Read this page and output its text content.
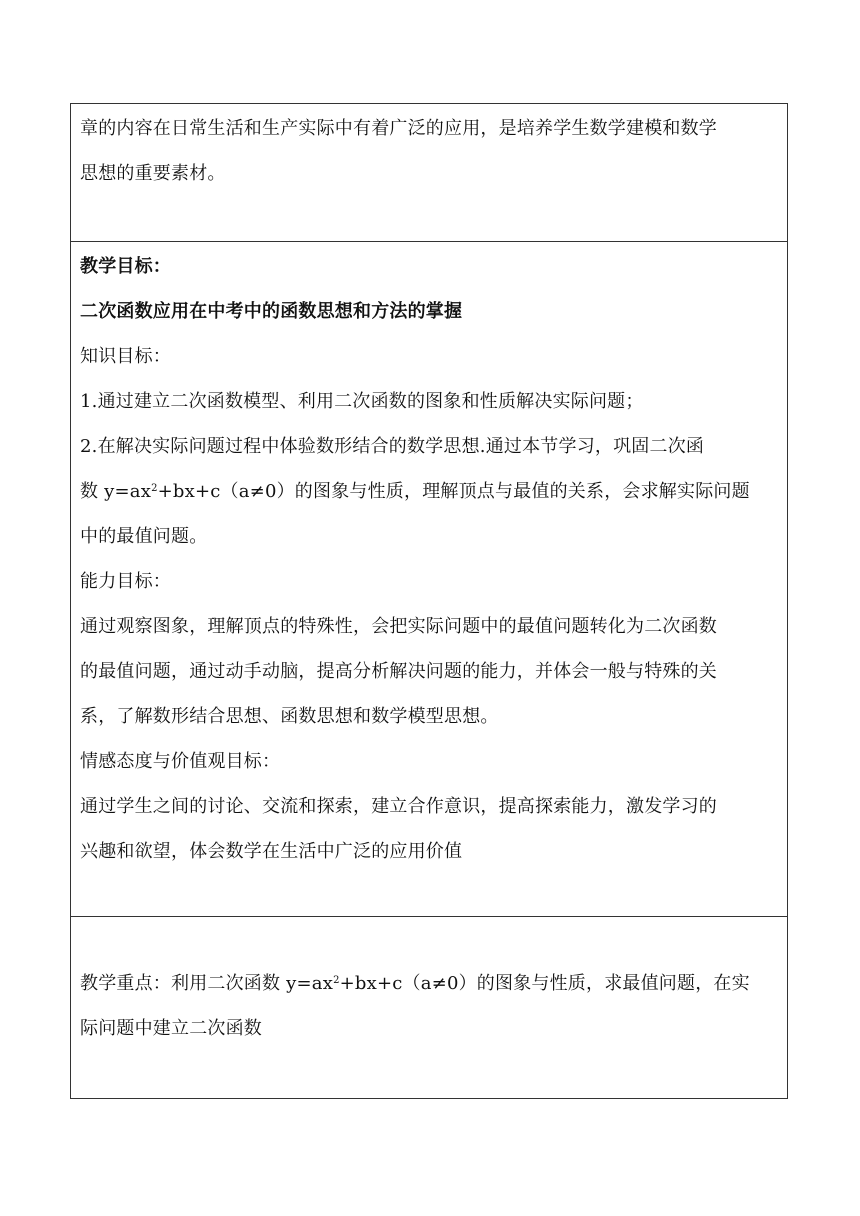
章的内容在日常生活和生产实际中有着广泛的应用，是培养学生数学建模和数学
思想的重要素材。
教学目标：
二次函数应用在中考中的函数思想和方法的掌握
知识目标：
1.通过建立二次函数模型、利用二次函数的图象和性质解决实际问题；
2.在解决实际问题过程中体验数形结合的数学思想.通过本节学习，巩固二次函
数 $y=ax^2+bx+c(a\ne 0)$的图象与性质，理解顶点与最值的关系，会求解实际问题
中的最值问题。
能力目标：
通过观察图象，理解顶点的特殊性，会把实际问题中的最值问题转化为二次函数
的最值问题，通过动手动脑，提高分析解决问题的能力，并体会一般与特殊的关
系，了解数形结合思想、函数思想和数学模型思想。
情感态度与价值观目标：
通过学生之间的讨论、交流和探索，建立合作意识，提高探索能力，激发学习的
兴趣和欲望，体会数学在生活中广泛的应用价值
教学重点：利用二次函数 $y=ax^2+bx+c(a\ne 0)$的图象与性质，求最值问题，在实
际问题中建立二次函数
